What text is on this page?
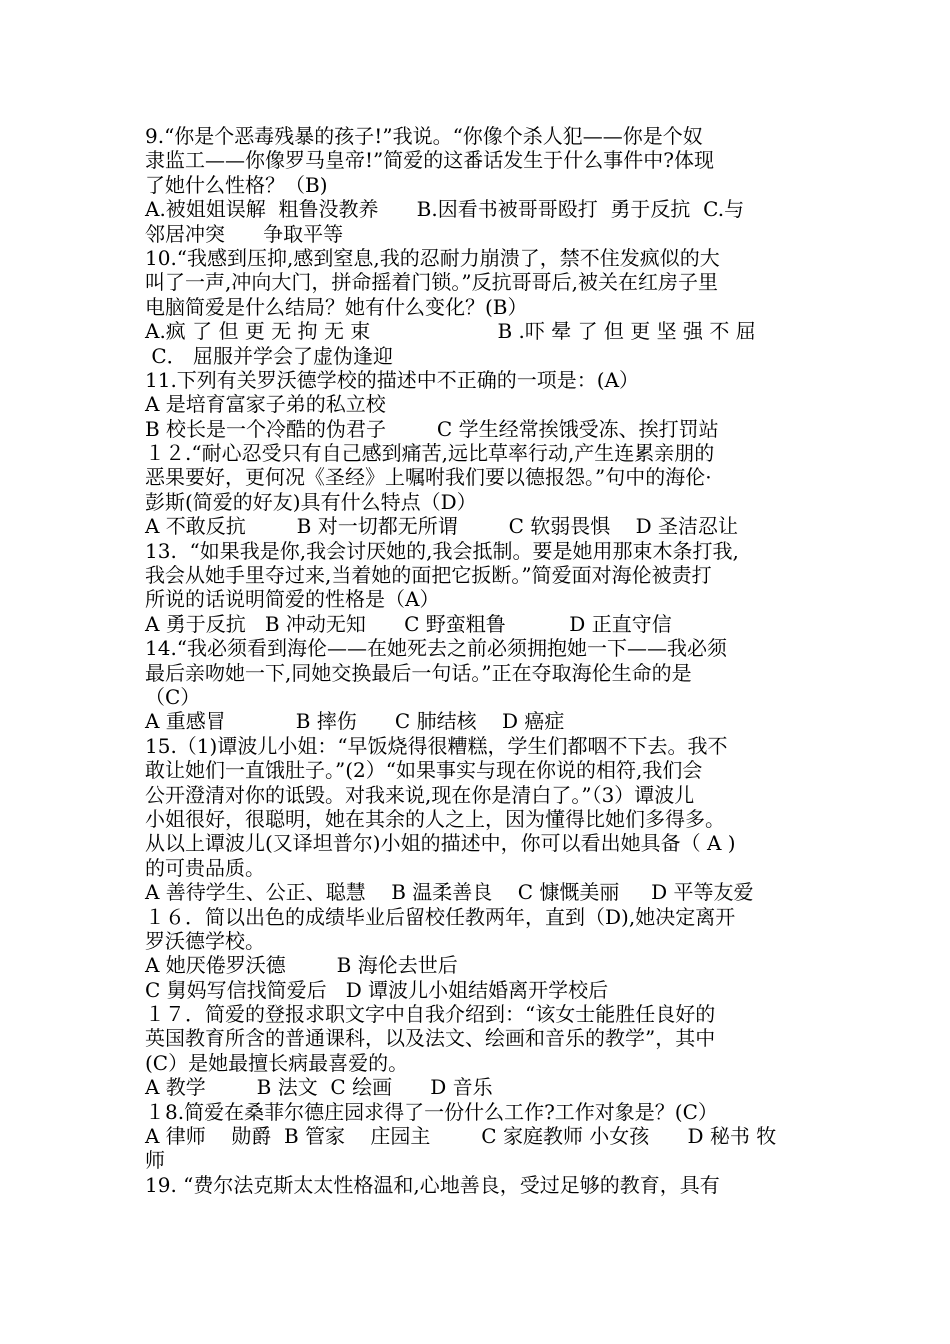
9.“你是个恶毒残暴的孩子!”我说。“你像个杀人犯——你是个奴
隶监工——你像罗马皇帝!”简爱的这番话发生于什么事件中?体现
了她什么性格？（B)
A.被姐姐误解  粗鲁没教养      B.因看书被哥哥殴打  勇于反抗  C.与
邻居冲突      争取平等
10.“我感到压抑,感到窒息,我的忍耐力崩溃了，禁不住发疯似的大
叫了一声,冲向大门，拼命摇着门锁。”反抗哥哥后,被关在红房子里
电脑简爱是什么结局？她有什么变化？(B）
A.疯 了 但 更 无 拘 无 束                    B .吓 晕 了 但 更 坚 强 不 屈
C． 屈服并学会了虚伪逢迎
11.下列有关罗沃德学校的描述中不正确的一项是：(A）
A 是培育富家子弟的私立校
B 校长是一个冷酷的伪君子        C 学生经常挨饿受冻、挨打罚站
１２.“耐心忍受只有自己感到痛苦,远比草率行动,产生连累亲朋的
恶果要好，更何况《圣经》上嘱咐我们要以德报怨。”句中的海伦·
彭斯(简爱的好友)具有什么特点（D）
A 不敢反抗        B 对一切都无所谓        C 软弱畏惧    D 圣洁忍让
13.  “如果我是你,我会讨厌她的,我会抵制。要是她用那束木条打我,
我会从她手里夺过来,当着她的面把它扳断。”简爱面对海伦被责打
所说的话说明简爱的性格是（A）
A 勇于反抗   B 冲动无知      C 野蛮粗鲁          D 正直守信
14.“我必须看到海伦——在她死去之前必须拥抱她一下——我必须
最后亲吻她一下,同她交换最后一句话。”正在夺取海伦生命的是
（C）
A 重感冒           B 摔伤      C 肺结核    D 癌症
15.（1)谭波儿小姐：“早饭烧得很糟糕，学生们都咽不下去。我不
敢让她们一直饿肚子。”(2）“如果事实与现在你说的相符,我们会
公开澄清对你的诋毁。对我来说,现在你是清白了。”（3）谭波儿
小姐很好，很聪明，她在其余的人之上，因为懂得比她们多得多。
从以上谭波儿(又译坦普尔)小姐的描述中，你可以看出她具备（ A )
的可贵品质。
A 善待学生、公正、聪慧    B 温柔善良    C 慷慨美丽     D 平等友爱
１６．简以出色的成绩毕业后留校任教两年，直到（D),她决定离开
罗沃德学校。
A 她厌倦罗沃德        B 海伦去世后
C 舅妈写信找简爱后   D 谭波儿小姐结婚离开学校后
１７．简爱的登报求职文字中自我介绍到：“该女士能胜任良好的
英国教育所含的普通课科，以及法文、绘画和音乐的教学”，其中
(C）是她最擅长病最喜爱的。
A 教学        B 法文  C 绘画      D 音乐
１8.简爱在桑菲尔德庄园求得了一份什么工作?工作对象是？(C）
A 律师    勋爵  B 管家    庄园主        C 家庭教师 小女孩      D 秘书 牧
师
19. “费尔法克斯太太性格温和,心地善良，受过足够的教育，具有
